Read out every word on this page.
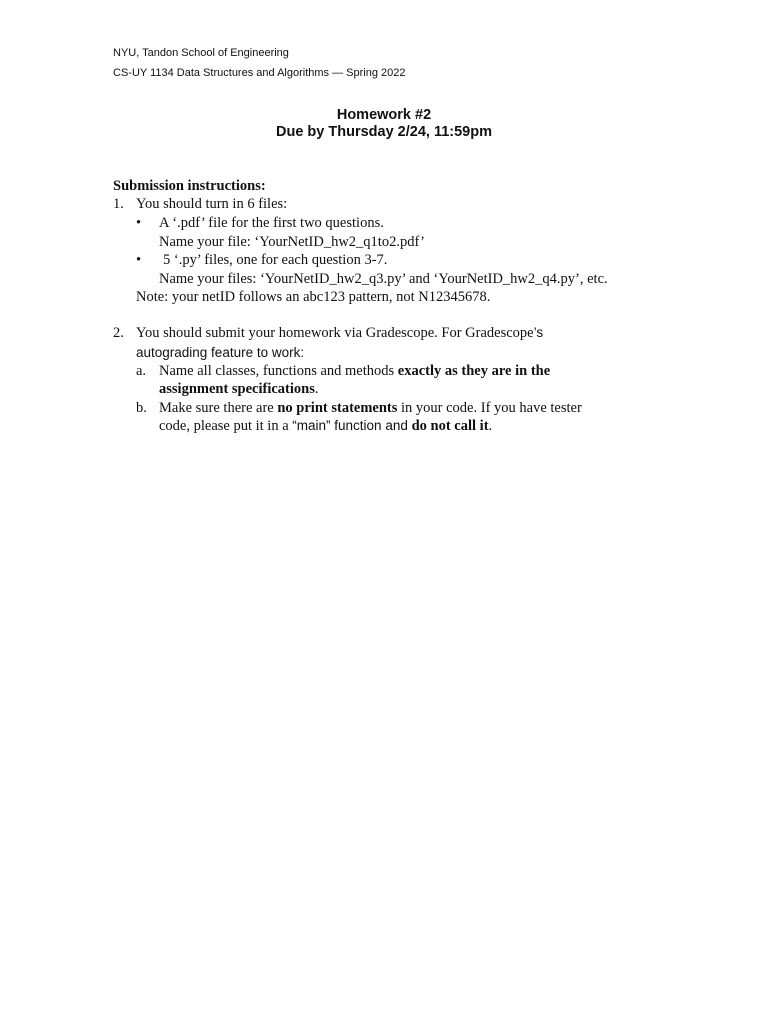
NYU, Tandon School of Engineering
CS-UY 1134 Data Structures and Algorithms — Spring 2022
Homework #2
Due by Thursday 2/24, 11:59pm
Submission instructions:
1. You should turn in 6 files:
• A ‘.pdf’ file for the first two questions.
Name your file: ‘YourNetID_hw2_q1to2.pdf’
• 5 ‘.py’ files, one for each question 3-7.
Name your files: ‘YourNetID_hw2_q3.py’ and ‘YourNetID_hw2_q4.py’, etc.
Note: your netID follows an abc123 pattern, not N12345678.
2. You should submit your homework via Gradescope. For Gradescope’s
autograding feature to work:
a. Name all classes, functions and methods exactly as they are in the
assignment specifications.
b. Make sure there are no print statements in your code. If you have tester
code, please put it in a “main” function and do not call it.
